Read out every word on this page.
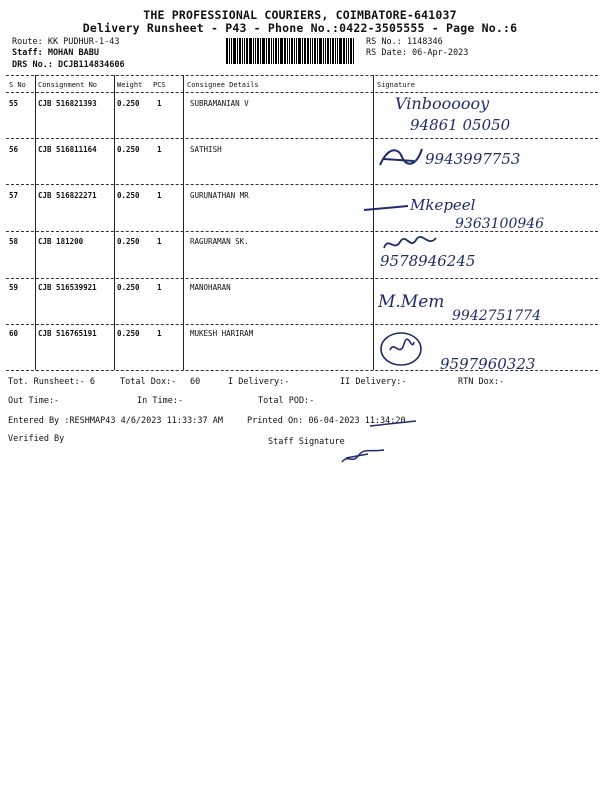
THE PROFESSIONAL COURIERS, COIMBATORE-641037
Delivery Runsheet - P43 - Phone No.:0422-3505555 - Page No.:6
Route: KK PUDHUR-1-43
Staff: MOHAN BABU
DRS No.: DCJB114834606
RS No.: 1148346
RS Date: 06-Apr-2023
S No Consignment No	Weight PCS	Consignee Details	Signature
55	CJB 516821393	0.250 1	SUBRAMANIAN V	Vinboooooy
94861 05050
56	CJB 516811164	0.250 1	SATHISH
9943997753
57	CJB 516822271	0.250 1	GURUNATHAN MR
Mkepeel
9363100946
58	CJB 181200	0.250 1	RAGURAMAN SK.
9578946245
59	CJB 516539921	0.250 1	MANOHARAN
M.Mem
9942751774
60	CJB 516765191	0.250 1	MUKESH HARIRAM
9597960323
Tot. Runsheet:- 6	Total Dox:- 60	I Delivery:-	II Delivery:-	RTN Dox:-
Out Time:-	In Time:-	Total POD:-
Entered By :RESHMAP43 4/6/2023 11:33:37 AM	Printed On: 06-04-2023 11:34:20
Verified By	Staff Signature
